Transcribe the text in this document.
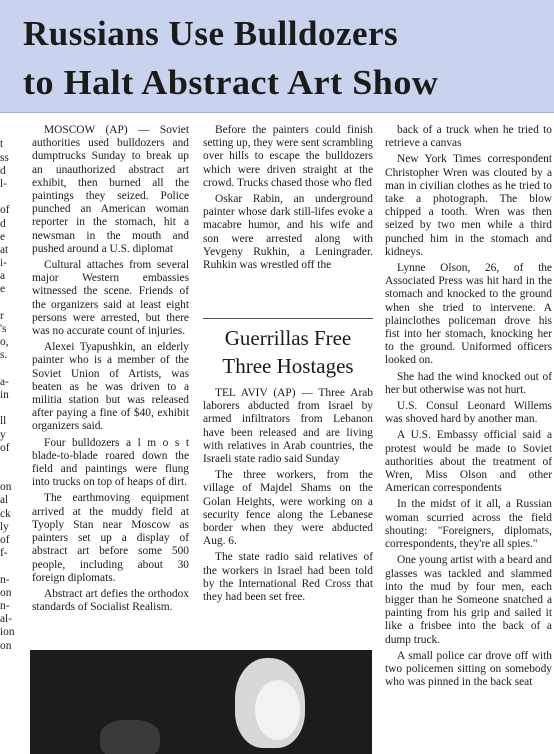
Russians Use Bulldozers
to Halt Abstract Art Show
t
ss
d
l-
of
d
e
at
i-
a
e
r
's
o,
s.
a-
in
ll
y
of
on
al
ck
ly
of
f-
n-
on
n-
al-
ion
on

MOSCOW (AP) — Soviet authorities used bulldozers and dumptrucks Sunday to break up an unauthorized abstract art exhibit, then burned all the paintings they seized. Police punched an American woman reporter in the stomach, hit a newsman in the mouth and pushed around a U.S. diplomat

Cultural attaches from several major Western embassies witnessed the scene. Friends of the organizers said at least eight persons were arrested, but there was no accurate count of injuries.

Alexei Tyapushkin, an elderly painter who is a member of the Soviet Union of Artists, was beaten as he was driven to a militia station but was released after paying a fine of $40, exhibit organizers said.

Four bulldozers a l m o s t blade-to-blade roared down the field and paintings were flung into trucks on top of heaps of dirt.

The earthmoving equipment arrived at the muddy field at Tyoply Stan near Moscow as painters set up a display of abstract art before some 500 people, including about 30 foreign diplomats.

Abstract art defies the orthodox standards of Socialist Realism.

Before the painters could finish setting up, they were sent scrambling over hills to escape the bulldozers which were driven straight at the crowd. Trucks chased those who fled

Oskar Rabin, an underground painter whose dark still-lifes evoke a macabre humor, and his wife and son were arrested along with Yevgeny Rukhin, a Leningrader. Ruhkin was wrestled off the

Guerrillas Free
Three Hostages

TEL AVIV (AP) — Three Arab laborers abducted from Israel by armed infiltrators from Lebanon have been released and are living with relatives in Arab countries, the Israeli state radio said Sunday

The three workers, from the village of Majdel Shams on the Golan Heights, were working on a security fence along the Lebanese border when they were abducted Aug. 6.

The state radio said relatives of the workers in Israel had been told by the International Red Cross that they had been set free.

back of a truck when he tried to retrieve a canvas

New York Times correspondent Christopher Wren was clouted by a man in civilian clothes as he tried to take a photograph. The blow chipped a tooth. Wren was then seized by two men while a third punched him in the stomach and kidneys.

Lynne Olson, 26, of the Associated Press was hit hard in the stomach and knocked to the ground when she tried to intervene. A plainclothes policeman drove his fist into her stomach, knocking her to the ground. Uniformed officers looked on.

She had the wind knocked out of her but otherwise was not hurt.

U.S. Consul Leonard Willems was shoved hard by another man.

A U.S. Embassy official said a protest would be made to Soviet authorities about the treatment of Wren, Miss Olson and other American correspondents

In the midst of it all, a Russian woman scurried across the field shouting: "Foreigners, diplomats, correspondents, they're all spies."

One young artist with a beard and glasses was tackled and slammed into the mud by four men, each bigger than he Someone snatched a painting from his grip and sailed it like a frisbee into the back of a dump truck.

A small police car drove off with two policemen sitting on somebody who was pinned in the back seat
